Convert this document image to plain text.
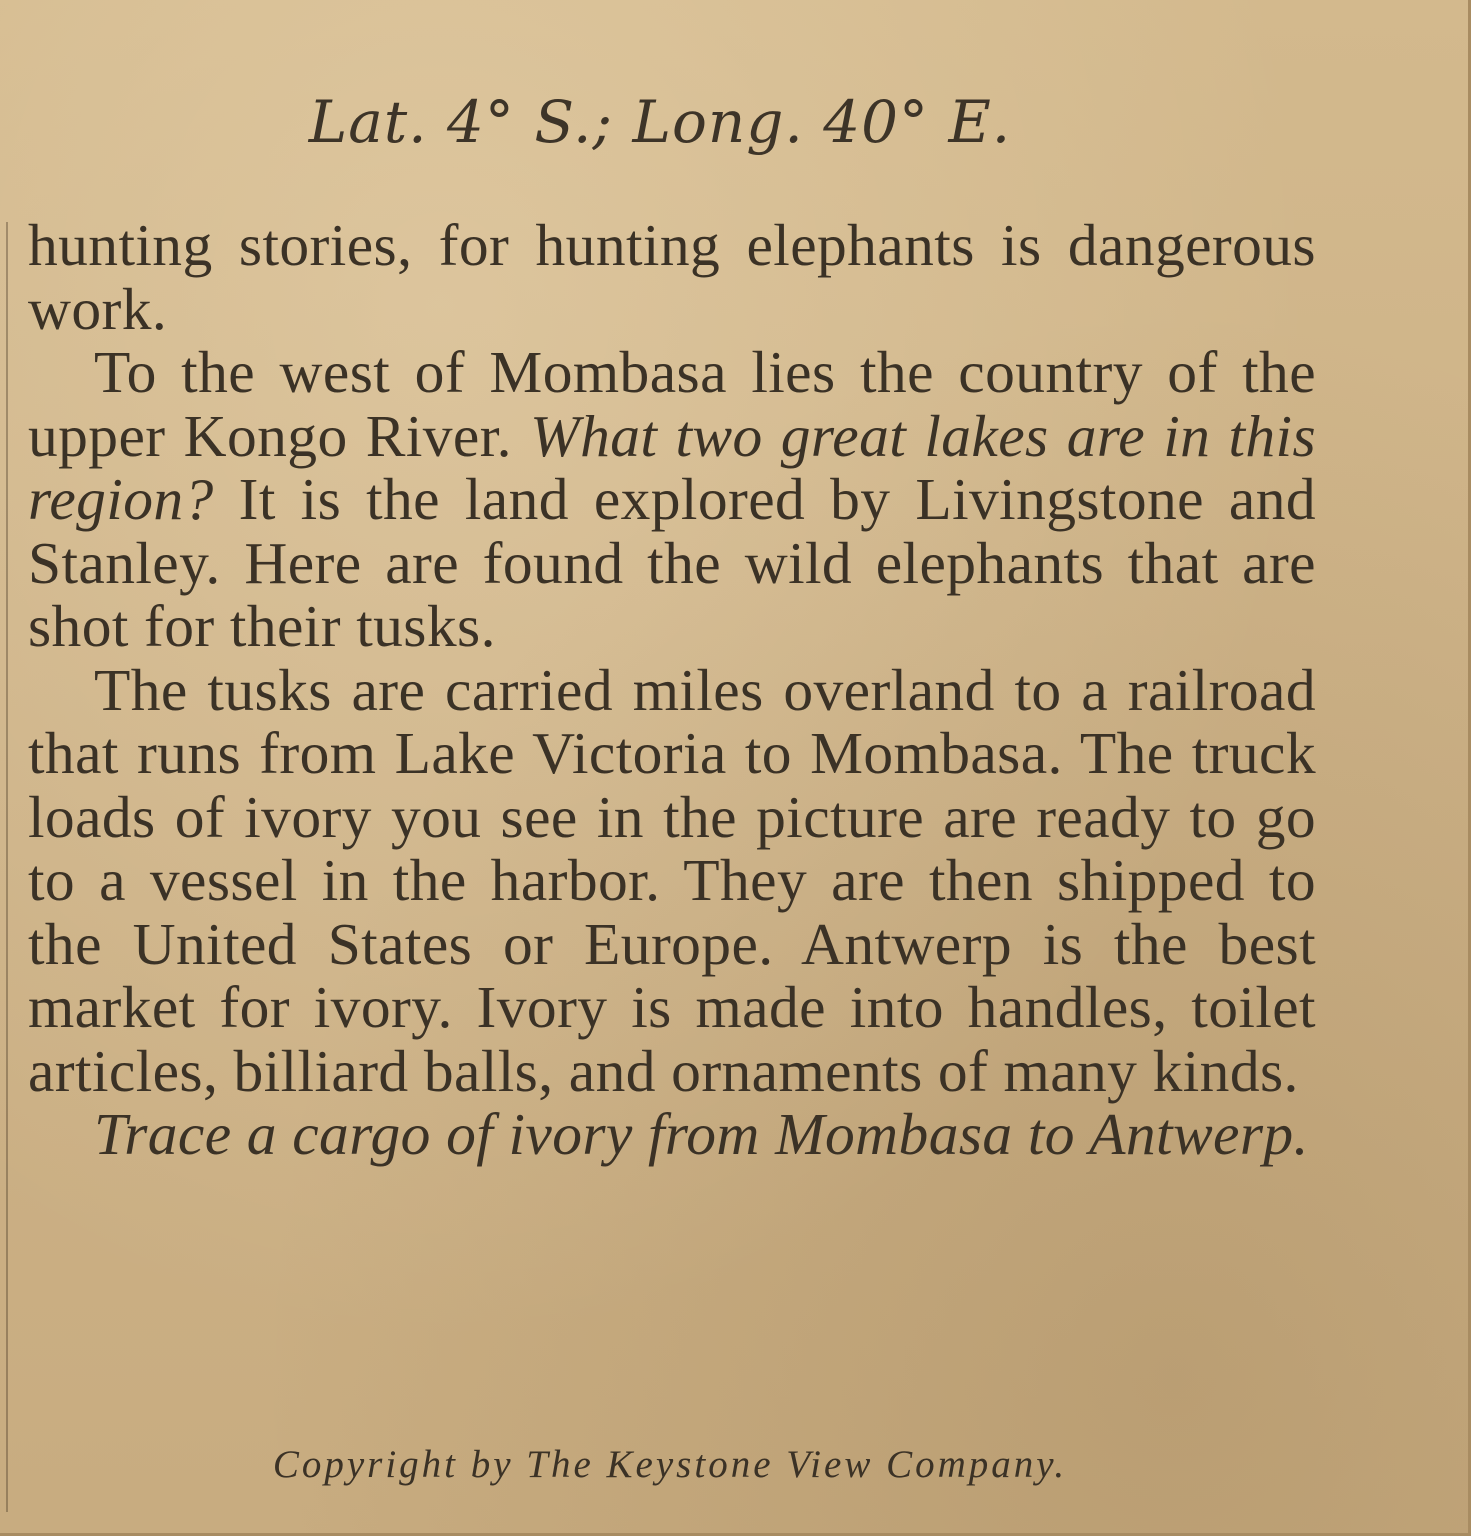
Lat. 4° S.; Long. 40° E.

hunting stories, for hunting elephants is dangerous work.

To the west of Mombasa lies the country of the upper Kongo River. What two great lakes are in this region? It is the land explored by Livingstone and Stanley. Here are found the wild elephants that are shot for their tusks.

The tusks are carried miles overland to a railroad that runs from Lake Victoria to Mombasa. The truck loads of ivory you see in the picture are ready to go to a vessel in the harbor. They are then shipped to the United States or Europe. Antwerp is the best market for ivory. Ivory is made into handles, toilet articles, billiard balls, and ornaments of many kinds.

Trace a cargo of ivory from Mombasa to Antwerp.

Copyright by The Keystone View Company.
